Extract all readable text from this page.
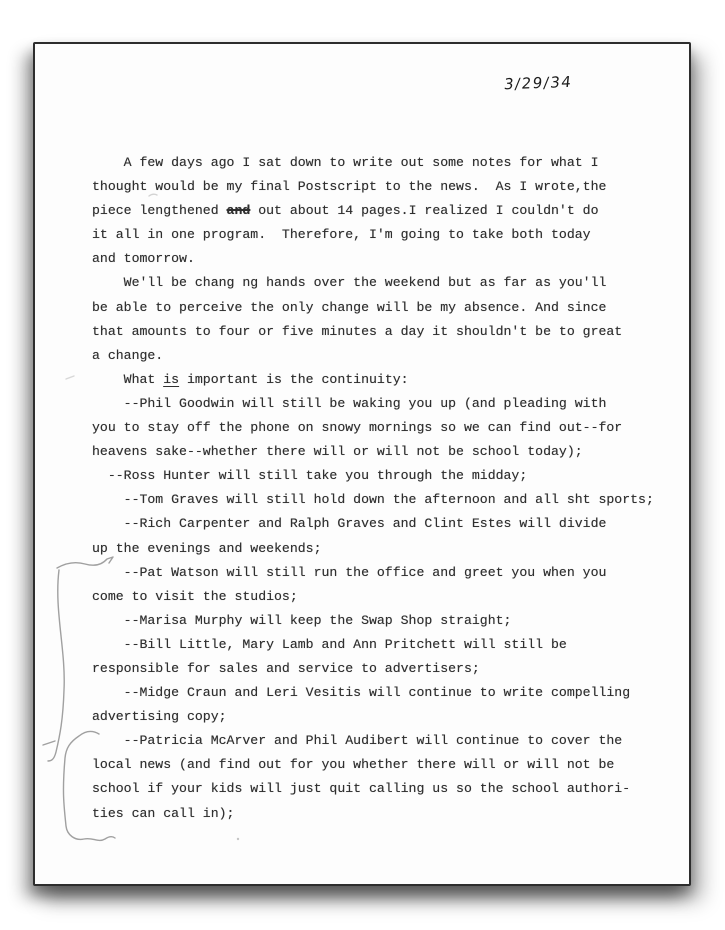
3/29/34
A few days ago I sat down to write out some notes for what I
thought would be my final Postscript to the news.  As I wrote,the
piece lengthened and out about 14 pages.I realized I couldn't do
it all in one program.  Therefore, I'm going to take both today
and tomorrow.
We'll be chang ng hands over the weekend but as far as you'll
be able to perceive the only change will be my absence. And since
that amounts to four or five minutes a day it shouldn't be to great
a change.
What is important is the continuity:
--Phil Goodwin will still be waking you up (and pleading with
you to stay off the phone on snowy mornings so we can find out--for
heavens sake--whether there will or will not be school today);
--Ross Hunter will still take you through the midday;
--Tom Graves will still hold down the afternoon and all sht sports;
--Rich Carpenter and Ralph Graves and Clint Estes will divide
up the evenings and weekends;
--Pat Watson will still run the office and greet you when you
come to visit the studios;
--Marisa Murphy will keep the Swap Shop straight;
--Bill Little, Mary Lamb and Ann Pritchett will still be
responsible for sales and service to advertisers;
--Midge Craun and Leri Vesitis will continue to write compelling
advertising copy;
--Patricia McArver and Phil Audibert will continue to cover the
local news (and find out for you whether there will or will not be
school if your kids will just quit calling us so the school authori-
ties can call in);
